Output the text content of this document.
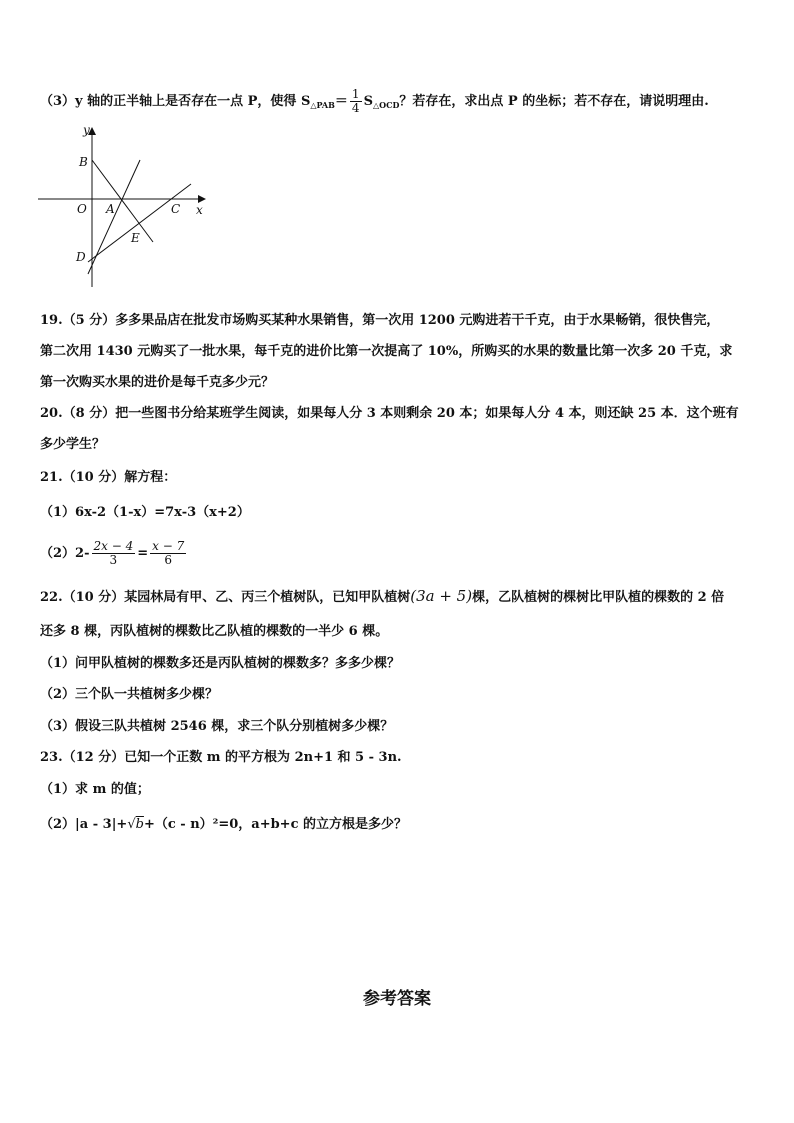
（3）y 轴的正半轴上是否存在一点 P，使得 $S_{\triangle PAB}= \frac{1}{4} S_{\triangle OCD}$？若存在，求出点 P 的坐标；若不存在，请说明理由.
y
x
B
O A	C
E
D
19.（5 分）多多果品店在批发市场购买某种水果销售，第一次用 1200 元购进若干千克，由于水果畅销，很快售完，
第二次用 1430 元购买了一批水果，每千克的进价比第一次提高了 10%，所购买的水果的数量比第一次多 20 千克，求
第一次购买水果的进价是每千克多少元？
20.（8 分）把一些图书分给某班学生阅读，如果每人分 3 本则剩余 20 本；如果每人分 4 本，则还缺 25 本．这个班有
多少学生？
21.（10 分）解方程：
（1）6x-2（1-x）=7x-3（x+2）
$(2)2- \frac{2x - 4}{3} = \frac{x - 7}{6}$
22.（10 分）某园林局有甲、乙、丙三个植树队，已知甲队植树(3a + 5)棵，乙队植树的棵树比甲队植的棵数的 2 倍
还多 8 棵，丙队植树的棵数比乙队植的棵数的一半少 6 棵。
（1）问甲队植树的棵数多还是丙队植树的棵数多？多多少棵？
（2）三个队一共植树多少棵？
（3）假设三队共植树 2546 棵，求三个队分别植树多少棵？
23.（12 分）已知一个正数 m 的平方根为 2n+1 和 5 - 3n.
（1）求 m 的值；
（2）|a - 3|+√b+（c - n）²=0，a+b+c 的立方根是多少？
参考答案
